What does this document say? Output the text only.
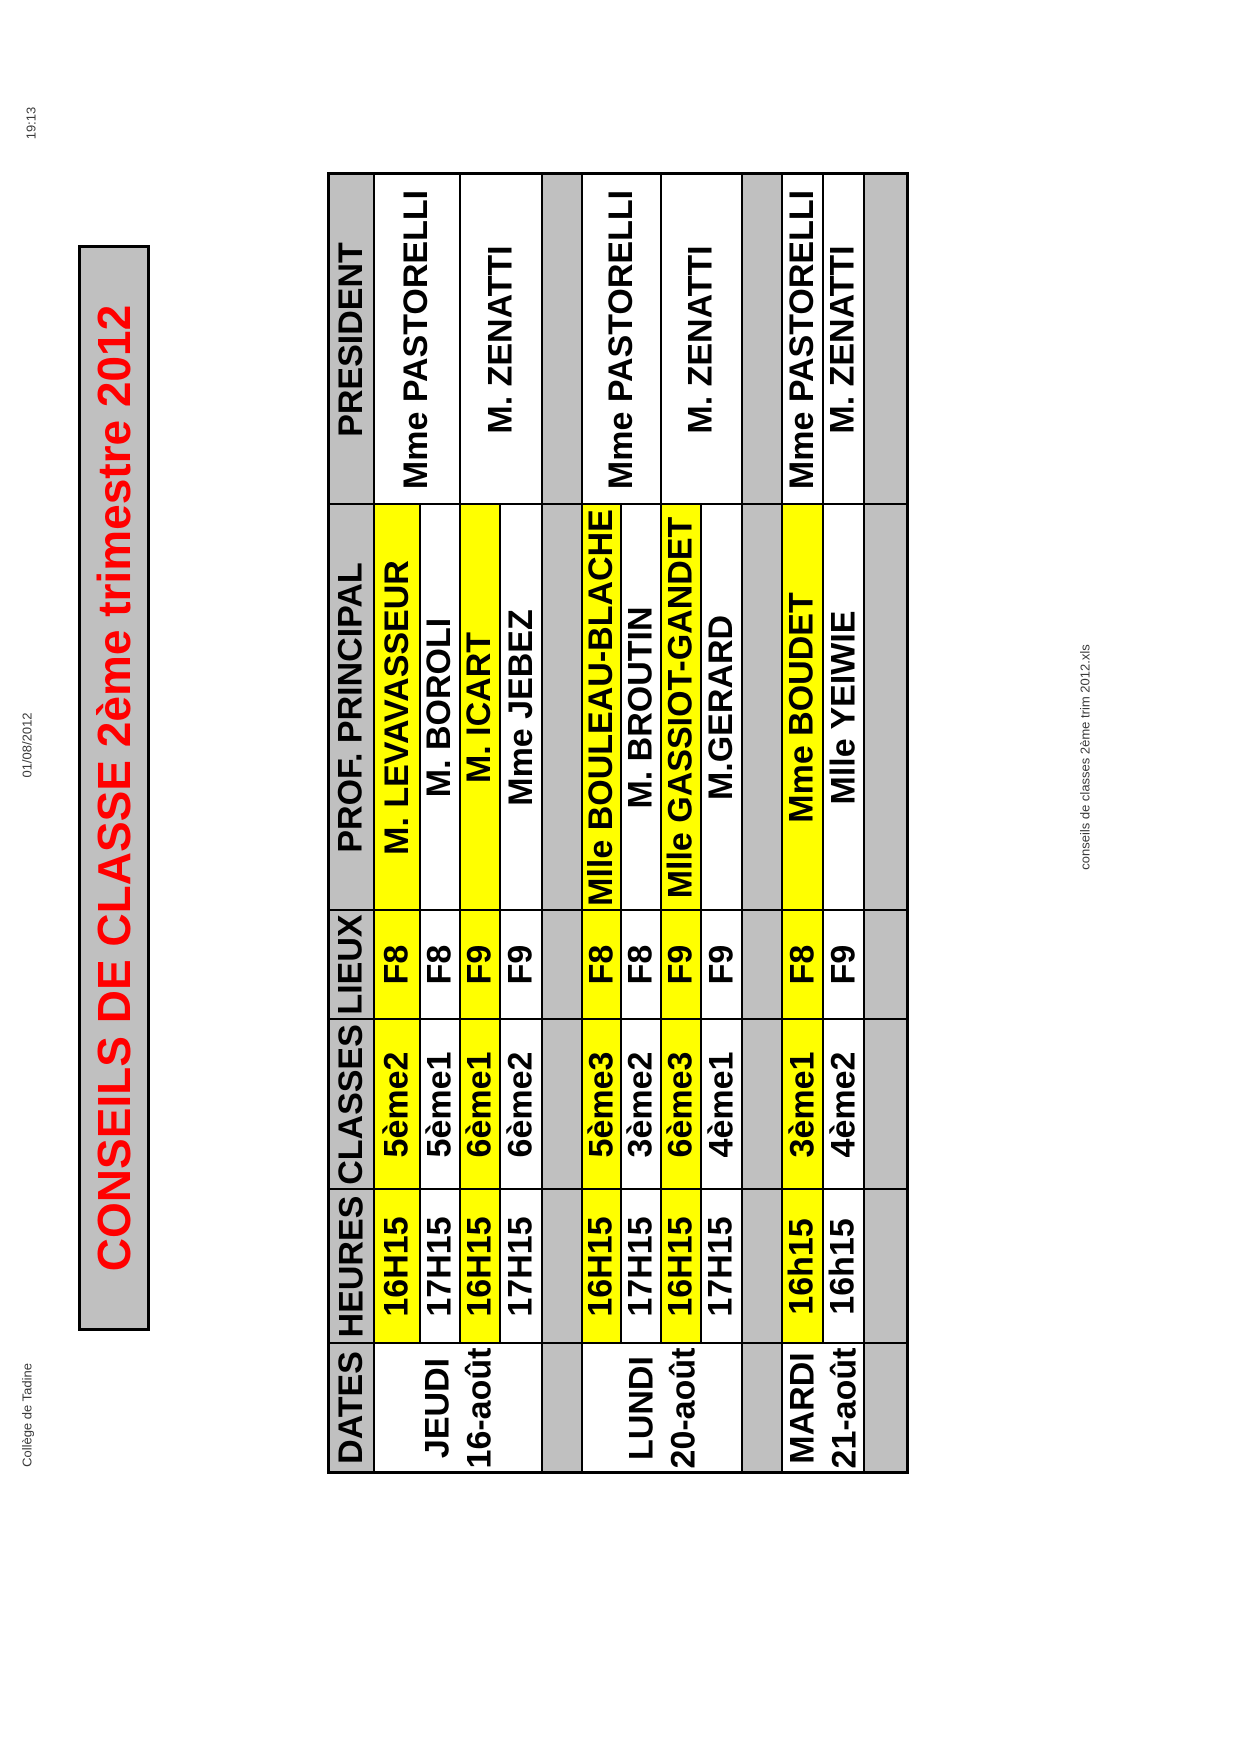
19:13
01/08/2012
Collège de Tadine
conseils de classes 2ème trim 2012.xls
CONSEILS DE CLASSE 2ème trimestre 2012	PRESIDENT
PROF. PRINCIPAL
LIEUX
CLASSES
HEURES
DATES
Mme PASTORELLI M. ZENATTI
M. LEVAVASSEUR M. BOROLI M. ICART Mme JEBEZ
F8 F8 F9 F9
5ème2 5ème1 6ème1 6ème2
16H15 17H15 16H15 17H15
JEUDI 16-août
Mme PASTORELLI M. ZENATTI
Mlle BOULEAU-BLACHE M. BROUTIN Mlle GASSIOT-GANDET M.GERARD
F8 F8 F9 F9
5ème3 3ème2 6ème3 4ème1
16H15 17H15 16H15 17H15
LUNDI 20-août
Mme PASTORELLI M. ZENATTI
Mme BOUDET Mlle YEIWIE
F8 F9
3ème1 4ème2
16h15 16h15
MARDI 21-août
